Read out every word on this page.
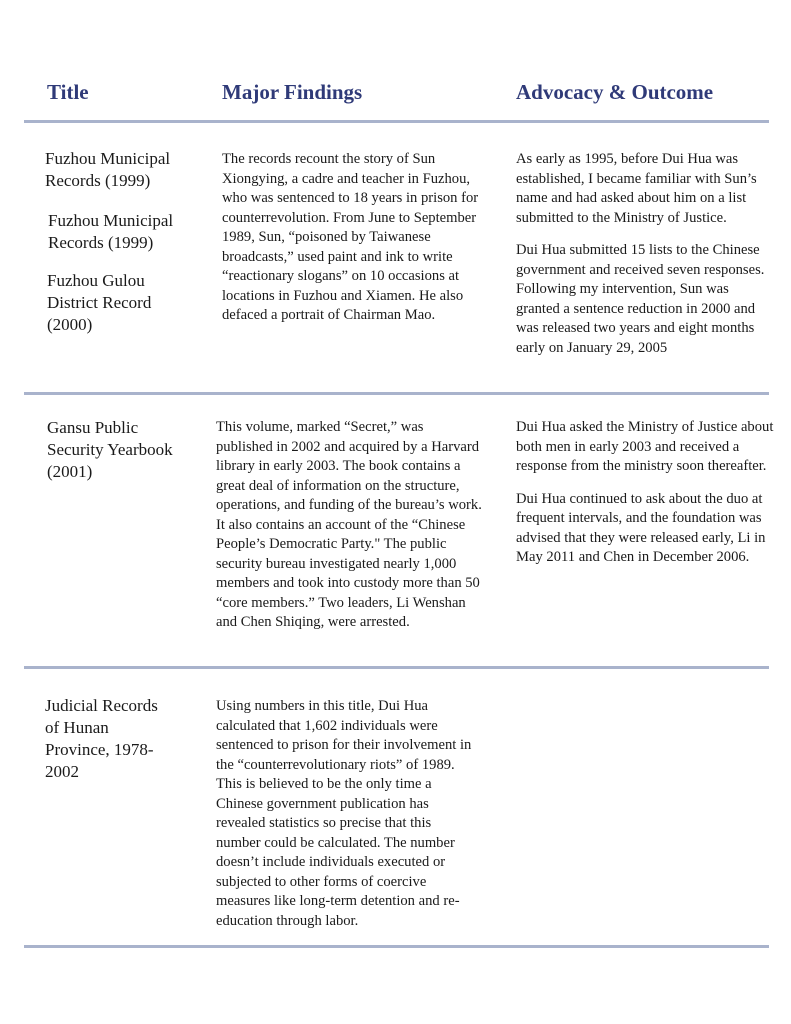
Title	Major Findings	Advocacy & Outcome
Fuzhou Municipal Records (1999)
Fuzhou Municipal Records (1999)
Fuzhou Gulou District Record (2000)
The records recount the story of Sun Xiongying, a cadre and teacher in Fuzhou, who was sentenced to 18 years in prison for counterrevolution. From June to September 1989, Sun, “poisoned by Taiwanese broadcasts,” used paint and ink to write “reactionary slogans” on 10 occasions at locations in Fuzhou and Xiamen. He also defaced a portrait of Chairman Mao.

As early as 1995, before Dui Hua was established, I became familiar with Sun’s name and had asked about him on a list submitted to the Ministry of Justice.

Dui Hua submitted 15 lists to the Chinese government and received seven responses. Following my intervention, Sun was granted a sentence reduction in 2000 and was released two years and eight months early on January 29, 2005

Gansu Public Security Yearbook (2001)
This volume, marked “Secret,” was published in 2002 and acquired by a Harvard library in early 2003. The book contains a great deal of information on the structure, operations, and funding of the bureau’s work. It also contains an account of the “Chinese People’s Democratic Party." The public security bureau investigated nearly 1,000 members and took into custody more than 50 “core members.” Two leaders, Li Wenshan and Chen Shiqing, were arrested.

Dui Hua asked the Ministry of Justice about both men in early 2003 and received a response from the ministry soon thereafter.

Dui Hua continued to ask about the duo at frequent intervals, and the foundation was advised that they were released early, Li in May 2011 and Chen in December 2006.

Judicial Records of Hunan Province, 1978-2002
Using numbers in this title, Dui Hua calculated that 1,602 individuals were sentenced to prison for their involvement in the “counterrevolutionary riots” of 1989. This is believed to be the only time a Chinese government publication has revealed statistics so precise that this number could be calculated. The number doesn’t include individuals executed or subjected to other forms of coercive measures like long-term detention and re-education through labor.
